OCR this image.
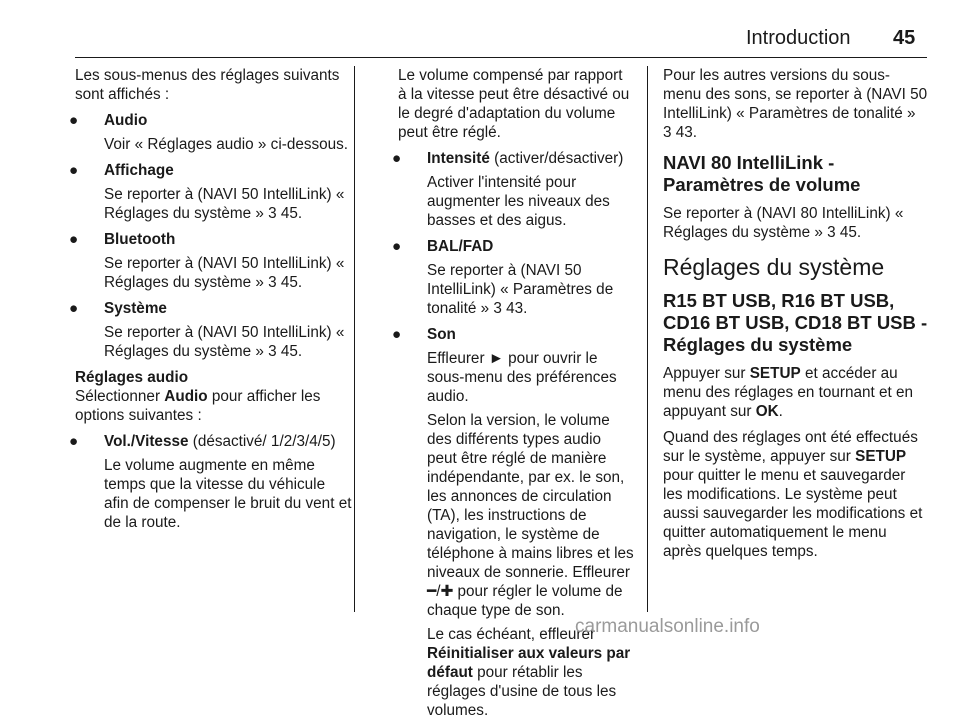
Introduction 45

Les sous-menus des réglages suivants sont affichés :

● Audio
Voir « Réglages audio » ci-dessous.
● Affichage
Se reporter à (NAVI 50 IntelliLink) « Réglages du système » 3 45.
● Bluetooth
Se reporter à (NAVI 50 IntelliLink) « Réglages du système » 3 45.
● Système
Se reporter à (NAVI 50 IntelliLink) « Réglages du système » 3 45.

Réglages audio

Sélectionner Audio pour afficher les options suivantes :

● Vol./Vitesse (désactivé/ 1/2/3/4/5)
Le volume augmente en même temps que la vitesse du véhicule afin de compenser le bruit du vent et de la route.

Le volume compensé par rapport à la vitesse peut être désactivé ou le degré d'adaptation du volume peut être réglé.

● Intensité (activer/désactiver)
Activer l'intensité pour augmenter les niveaux des basses et des aigus.
● BAL/FAD
Se reporter à (NAVI 50 IntelliLink) « Paramètres de tonalité » 3 43.
● Son
Effleurer ► pour ouvrir le sous-menu des préférences audio.
Selon la version, le volume des différents types audio peut être réglé de manière indépendante, par ex. le son, les annonces de circulation (TA), les instructions de navigation, le système de téléphone à mains libres et les niveaux de sonnerie. Effleurer ━/✚ pour régler le volume de chaque type de son.
Le cas échéant, effleurer Réinitialiser aux valeurs par défaut pour rétablir les réglages d'usine de tous les volumes.

Pour les autres versions du sous-menu des sons, se reporter à (NAVI 50 IntelliLink) « Paramètres de tonalité » 3 43.

NAVI 80 IntelliLink - Paramètres de volume

Se reporter à (NAVI 80 IntelliLink) « Réglages du système » 3 45.

Réglages du système

R15 BT USB, R16 BT USB, CD16 BT USB, CD18 BT USB - Réglages du système

Appuyer sur SETUP et accéder au menu des réglages en tournant et en appuyant sur OK.

Quand des réglages ont été effectués sur le système, appuyer sur SETUP pour quitter le menu et sauvegarder les modifications. Le système peut aussi sauvegarder les modifications et quitter automatiquement le menu après quelques temps.

carmanualsonline.info
